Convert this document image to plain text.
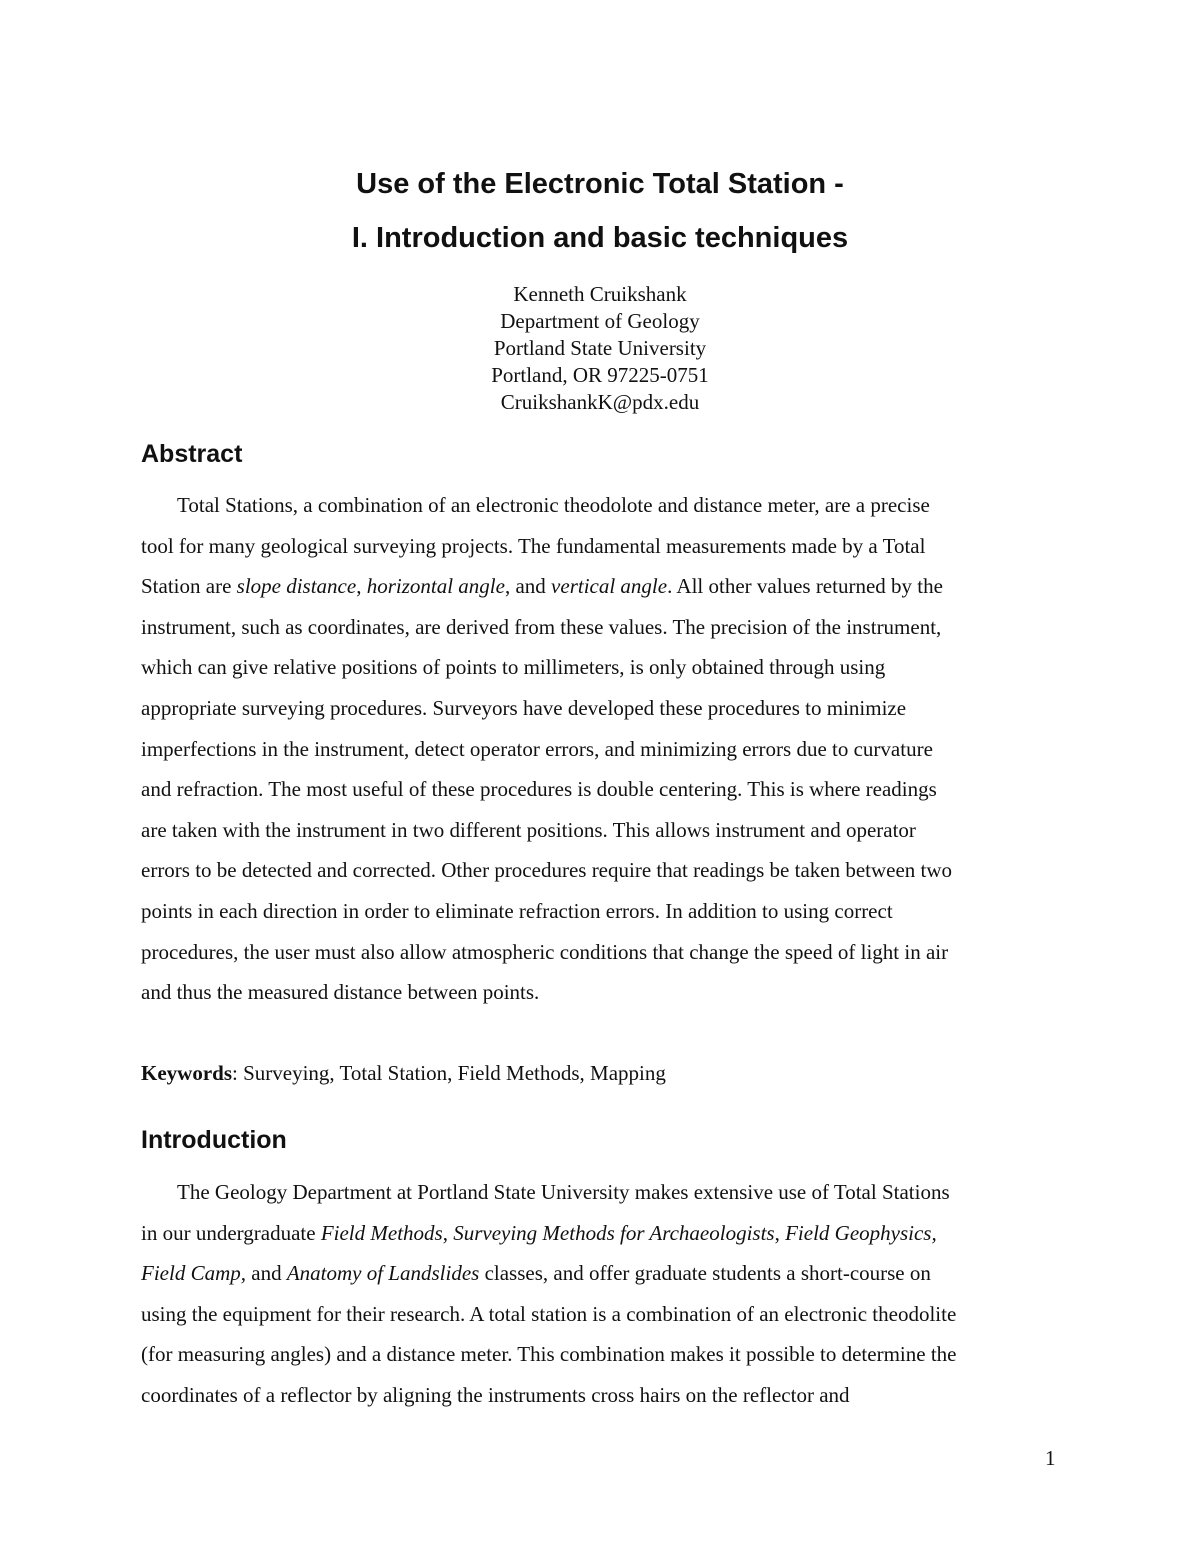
Use of the Electronic Total Station -
I. Introduction and basic techniques
Kenneth Cruikshank
Department of Geology
Portland State University
Portland, OR 97225-0751
CruikshankK@pdx.edu
Abstract
Total Stations, a combination of an electronic theodolote and distance meter, are a precise
tool for many geological surveying projects. The fundamental measurements made by a Total
Station are slope distance, horizontal angle, and vertical angle. All other values returned by the
instrument, such as coordinates, are derived from these values. The precision of the instrument,
which can give relative positions of points to millimeters, is only obtained through using
appropriate surveying procedures. Surveyors have developed these procedures to minimize
imperfections in the instrument, detect operator errors, and minimizing errors due to curvature
and refraction. The most useful of these procedures is double centering. This is where readings
are taken with the instrument in two different positions. This allows instrument and operator
errors to be detected and corrected. Other procedures require that readings be taken between two
points in each direction in order to eliminate refraction errors. In addition to using correct
procedures, the user must also allow atmospheric conditions that change the speed of light in air
and thus the measured distance between points.
Keywords: Surveying, Total Station, Field Methods, Mapping
Introduction
The Geology Department at Portland State University makes extensive use of Total Stations
in our undergraduate Field Methods, Surveying Methods for Archaeologists, Field Geophysics,
Field Camp, and Anatomy of Landslides classes, and offer graduate students a short-course on
using the equipment for their research. A total station is a combination of an electronic theodolite
(for measuring angles) and a distance meter. This combination makes it possible to determine the
coordinates of a reflector by aligning the instruments cross hairs on the reflector and
1
